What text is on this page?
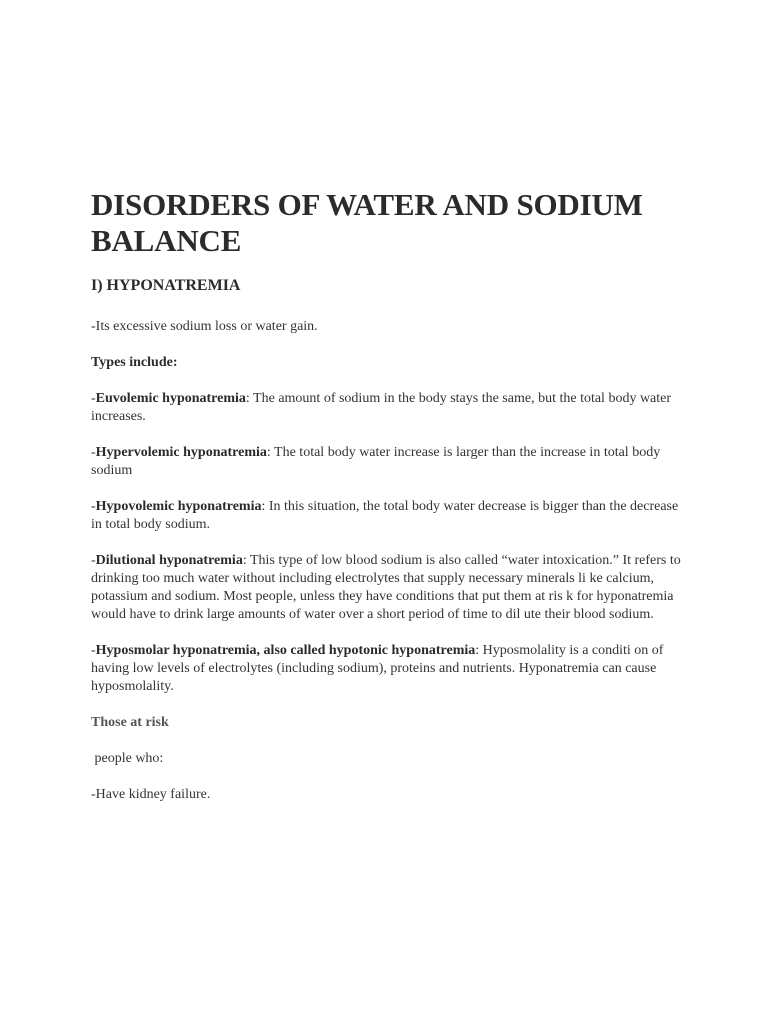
DISORDERS OF WATER AND SODIUM BALANCE
I) HYPONATREMIA

-Its excessive sodium loss or water gain.

Types include:

-Euvolemic hyponatremia: The amount of sodium in the body stays the same, but the total body water increases.

-Hypervolemic hyponatremia: The total body water increase is larger than the increase in total body sodium

-Hypovolemic hyponatremia: In this situation, the total body water decrease is bigger than the decrease in total body sodium.

-Dilutional hyponatremia: This type of low blood sodium is also called “water intoxication.” It refers to drinking too much water without including electrolytes that supply necessary minerals li ke calcium, potassium and sodium. Most people, unless they have conditions that put them at ris k for hyponatremia would have to drink large amounts of water over a short period of time to dil ute their blood sodium.

-Hyposmolar hyponatremia, also called hypotonic hyponatremia: Hyposmolality is a conditi on of having low levels of electrolytes (including sodium), proteins and nutrients. Hyponatremia can cause hyposmolality.

Those at risk

people who:

-Have kidney failure.
